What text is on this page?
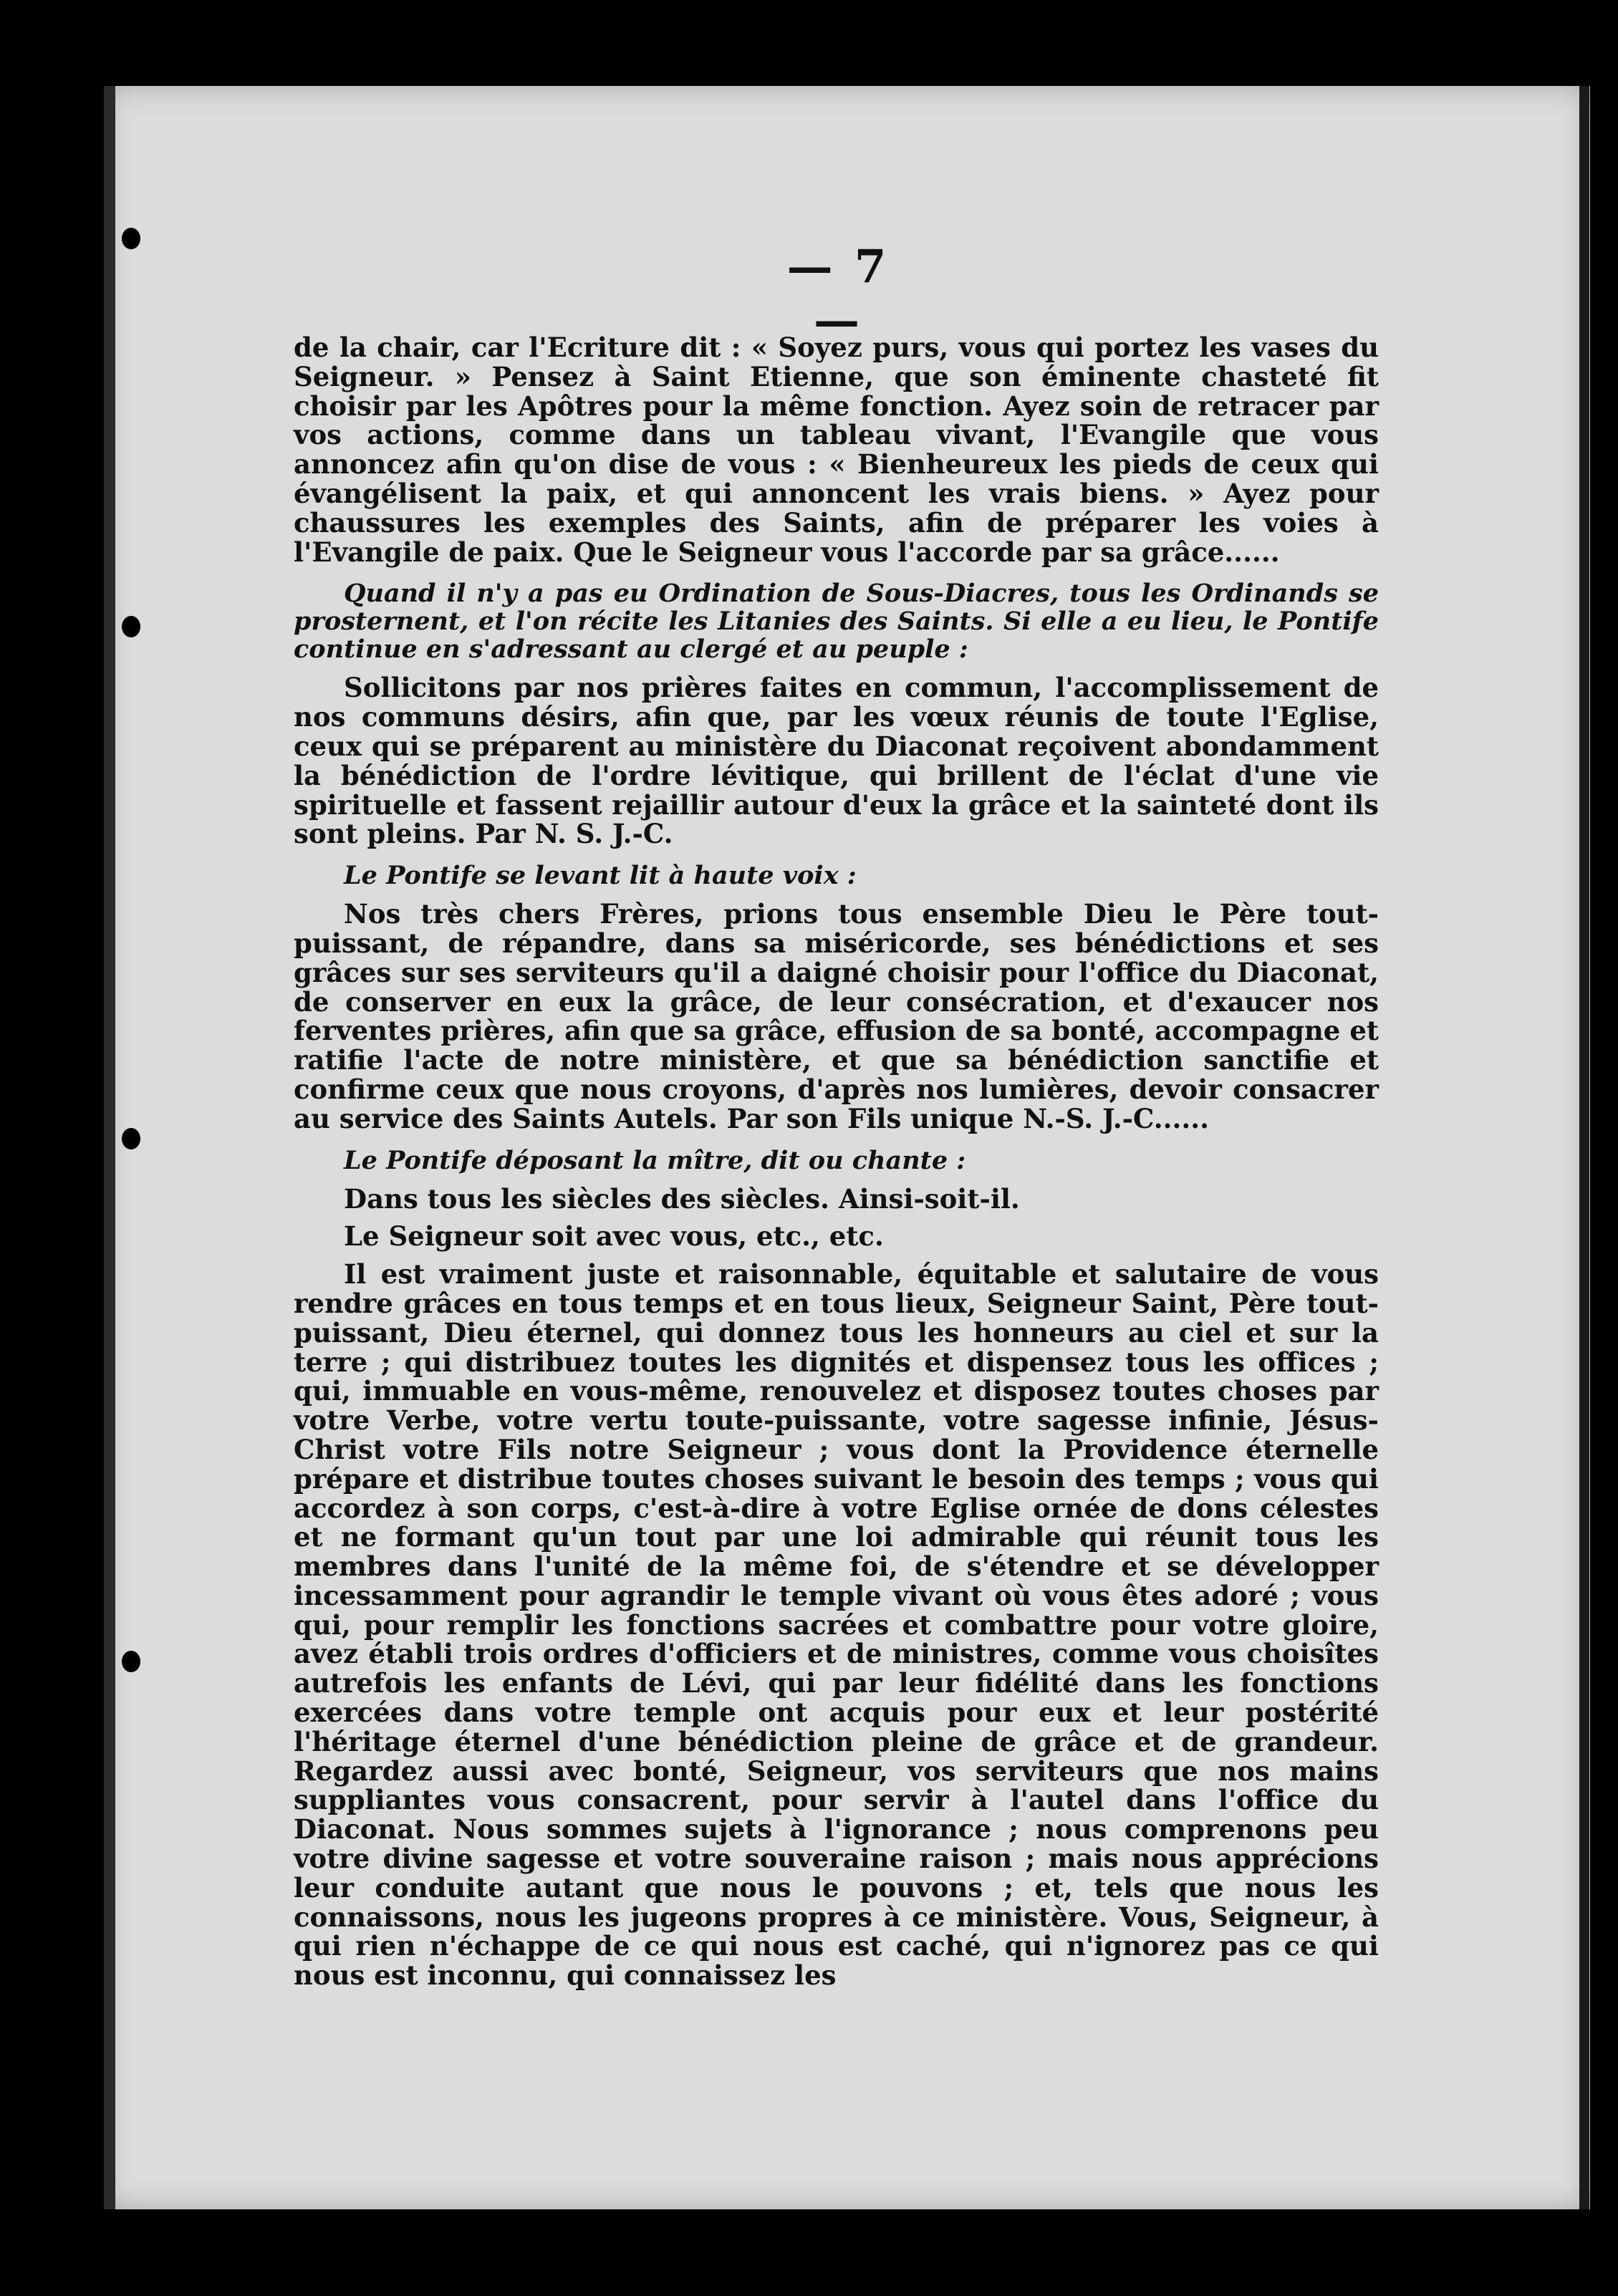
— 7 —

de la chair, car l'Ecriture dit : « Soyez purs, vous qui portez les vases du Seigneur. » Pensez à Saint Etienne, que son éminente chasteté fit choisir par les Apôtres pour la même fonction. Ayez soin de retracer par vos actions, comme dans un tableau vivant, l'Evangile que vous annoncez afin qu'on dise de vous : « Bienheureux les pieds de ceux qui évangélisent la paix, et qui annoncent les vrais biens. » Ayez pour chaussures les exemples des Saints, afin de préparer les voies à l'Evangile de paix. Que le Seigneur vous l'accorde par sa grâce......

Quand il n'y a pas eu Ordination de Sous-Diacres, tous les Ordinands se prosternent, et l'on récite les Litanies des Saints. Si elle a eu lieu, le Pontife continue en s'adressant au clergé et au peuple :

Sollicitons par nos prières faites en commun, l'accomplissement de nos communs désirs, afin que, par les vœux réunis de toute l'Eglise, ceux qui se préparent au ministère du Diaconat reçoivent abondamment la bénédiction de l'ordre lévitique, qui brillent de l'éclat d'une vie spirituelle et fassent rejaillir autour d'eux la grâce et la sainteté dont ils sont pleins. Par N. S. J.-C.

Le Pontife se levant lit à haute voix :

Nos très chers Frères, prions tous ensemble Dieu le Père tout-puissant, de répandre, dans sa miséricorde, ses bénédictions et ses grâces sur ses serviteurs qu'il a daigné choisir pour l'office du Diaconat, de conserver en eux la grâce, de leur consécration, et d'exaucer nos ferventes prières, afin que sa grâce, effusion de sa bonté, accompagne et ratifie l'acte de notre ministère, et que sa bénédiction sanctifie et confirme ceux que nous croyons, d'après nos lumières, devoir consacrer au service des Saints Autels. Par son Fils unique N.-S. J.-C......

Le Pontife déposant la mître, dit ou chante :

Dans tous les siècles des siècles. Ainsi-soit-il.

Le Seigneur soit avec vous, etc., etc.

Il est vraiment juste et raisonnable, équitable et salutaire de vous rendre grâces en tous temps et en tous lieux, Seigneur Saint, Père tout-puissant, Dieu éternel, qui donnez tous les honneurs au ciel et sur la terre ; qui distribuez toutes les dignités et dispensez tous les offices ; qui, immuable en vous-même, renouvelez et disposez toutes choses par votre Verbe, votre vertu toute-puissante, votre sagesse infinie, Jésus-Christ votre Fils notre Seigneur ; vous dont la Providence éternelle prépare et distribue toutes choses suivant le besoin des temps ; vous qui accordez à son corps, c'est-à-dire à votre Eglise ornée de dons célestes et ne formant qu'un tout par une loi admirable qui réunit tous les membres dans l'unité de la même foi, de s'étendre et se développer incessamment pour agrandir le temple vivant où vous êtes adoré ; vous qui, pour remplir les fonctions sacrées et combattre pour votre gloire, avez établi trois ordres d'officiers et de ministres, comme vous choisîtes autrefois les enfants de Lévi, qui par leur fidélité dans les fonctions exercées dans votre temple ont acquis pour eux et leur postérité l'héritage éternel d'une bénédiction pleine de grâce et de grandeur. Regardez aussi avec bonté, Seigneur, vos serviteurs que nos mains suppliantes vous consacrent, pour servir à l'autel dans l'office du Diaconat. Nous sommes sujets à l'ignorance ; nous comprenons peu votre divine sagesse et votre souveraine raison ; mais nous apprécions leur conduite autant que nous le pouvons ; et, tels que nous les connaissons, nous les jugeons propres à ce ministère. Vous, Seigneur, à qui rien n'échappe de ce qui nous est caché, qui n'ignorez pas ce qui nous est inconnu, qui connaissez les
